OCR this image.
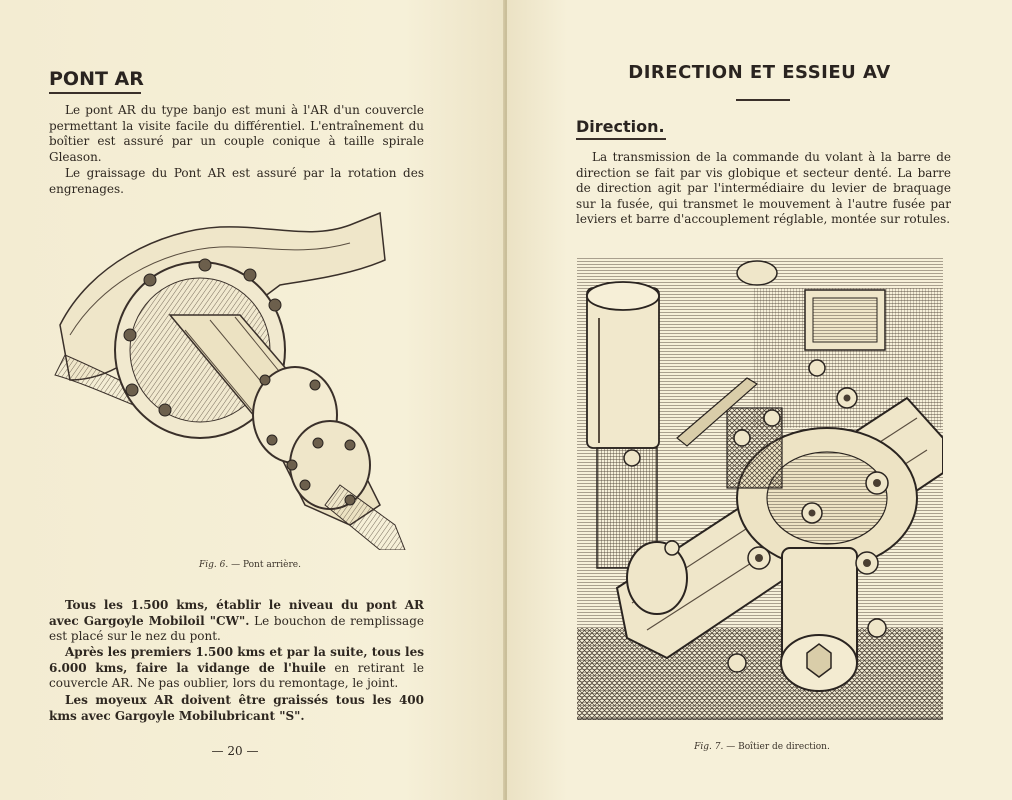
PONT AR
Le pont AR du type banjo est muni à l'AR d'un couvercle permettant la visite facile du différentiel. L'entraînement du boîtier est assuré par un couple conique à taille spirale Gleason.
Le graissage du Pont AR est assuré par la rotation des engrenages.
Fig. 6. — Pont arrière.
Tous les 1.500 kms, établir le niveau du pont AR avec Gargoyle Mobiloil "CW". Le bouchon de remplissage est placé sur le nez du pont.
Après les premiers 1.500 kms et par la suite, tous les 6.000 kms, faire la vidange de l'huile en retirant le couvercle AR. Ne pas oublier, lors du remontage, le joint.
Les moyeux AR doivent être graissés tous les 400 kms avec Gargoyle Mobilubricant "S".
— 20 —
DIRECTION ET ESSIEU AV
Direction.
La transmission de la commande du volant à la barre de direction se fait par vis globique et secteur denté. La barre de direction agit par l'intermédiaire du levier de braquage sur la fusée, qui transmet le mouvement à l'autre fusée par leviers et barre d'accouplement réglable, montée sur rotules.
Fig. 7. — Boîtier de direction.
